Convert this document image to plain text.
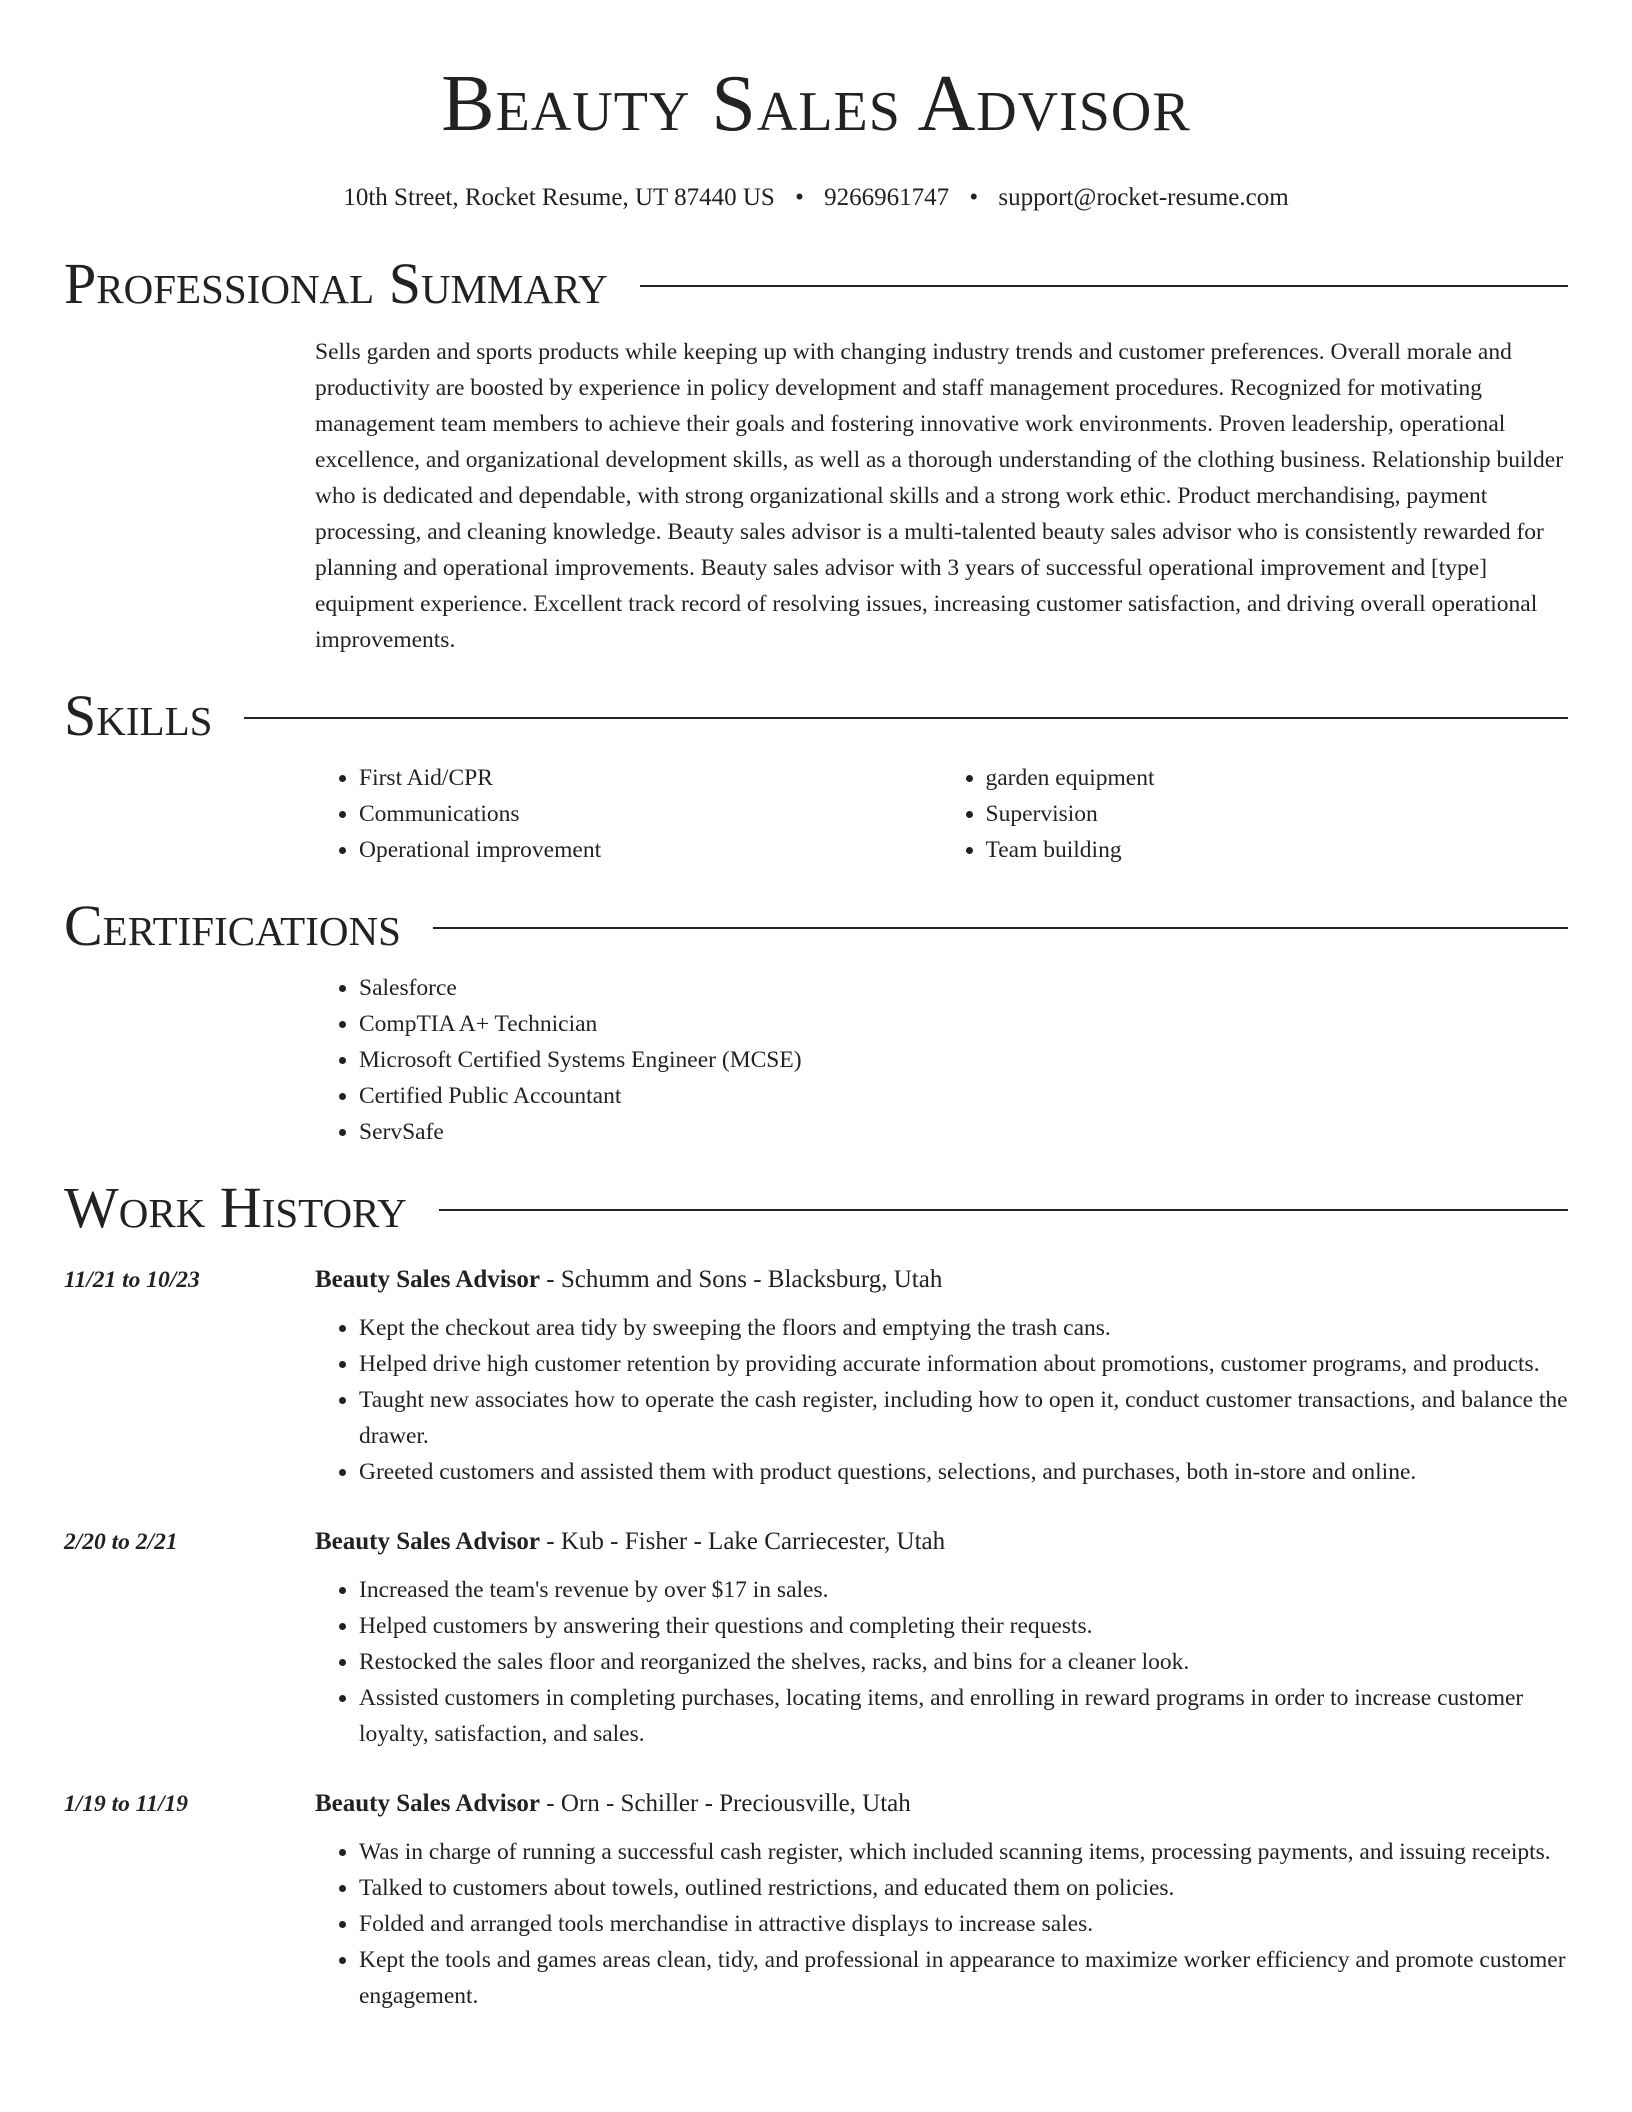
Beauty Sales Advisor
10th Street, Rocket Resume, UT 87440 US • 9266961747 • support@rocket-resume.com
Professional Summary

Sells garden and sports products while keeping up with changing industry trends and customer preferences. Overall morale and productivity are boosted by experience in policy development and staff management procedures. Recognized for motivating management team members to achieve their goals and fostering innovative work environments. Proven leadership, operational excellence, and organizational development skills, as well as a thorough understanding of the clothing business. Relationship builder who is dedicated and dependable, with strong organizational skills and a strong work ethic. Product merchandising, payment processing, and cleaning knowledge. Beauty sales advisor is a multi-talented beauty sales advisor who is consistently rewarded for planning and operational improvements. Beauty sales advisor with 3 years of successful operational improvement and [type] equipment experience. Excellent track record of resolving issues, increasing customer satisfaction, and driving overall operational improvements.

Skills
• First Aid/CPR
• Communications
• Operational improvement
• garden equipment
• Supervision
• Team building
Certifications
• Salesforce
• CompTIA A+ Technician
• Microsoft Certified Systems Engineer (MCSE)
• Certified Public Accountant
• ServSafe
Work History
11/21 to 10/23	Beauty Sales Advisor - Schumm and Sons - Blacksburg, Utah
• Kept the checkout area tidy by sweeping the floors and emptying the trash cans.
• Helped drive high customer retention by providing accurate information about promotions, customer programs, and products.
• Taught new associates how to operate the cash register, including how to open it, conduct customer transactions, and balance the drawer.
• Greeted customers and assisted them with product questions, selections, and purchases, both in-store and online.
2/20 to 2/21	Beauty Sales Advisor - Kub - Fisher - Lake Carriecester, Utah
• Increased the team's revenue by over $17 in sales.
• Helped customers by answering their questions and completing their requests.
• Restocked the sales floor and reorganized the shelves, racks, and bins for a cleaner look.
• Assisted customers in completing purchases, locating items, and enrolling in reward programs in order to increase customer loyalty, satisfaction, and sales.
1/19 to 11/19	Beauty Sales Advisor - Orn - Schiller - Preciousville, Utah
• Was in charge of running a successful cash register, which included scanning items, processing payments, and issuing receipts.
• Talked to customers about towels, outlined restrictions, and educated them on policies.
• Folded and arranged tools merchandise in attractive displays to increase sales.
• Kept the tools and games areas clean, tidy, and professional in appearance to maximize worker efficiency and promote customer engagement.
